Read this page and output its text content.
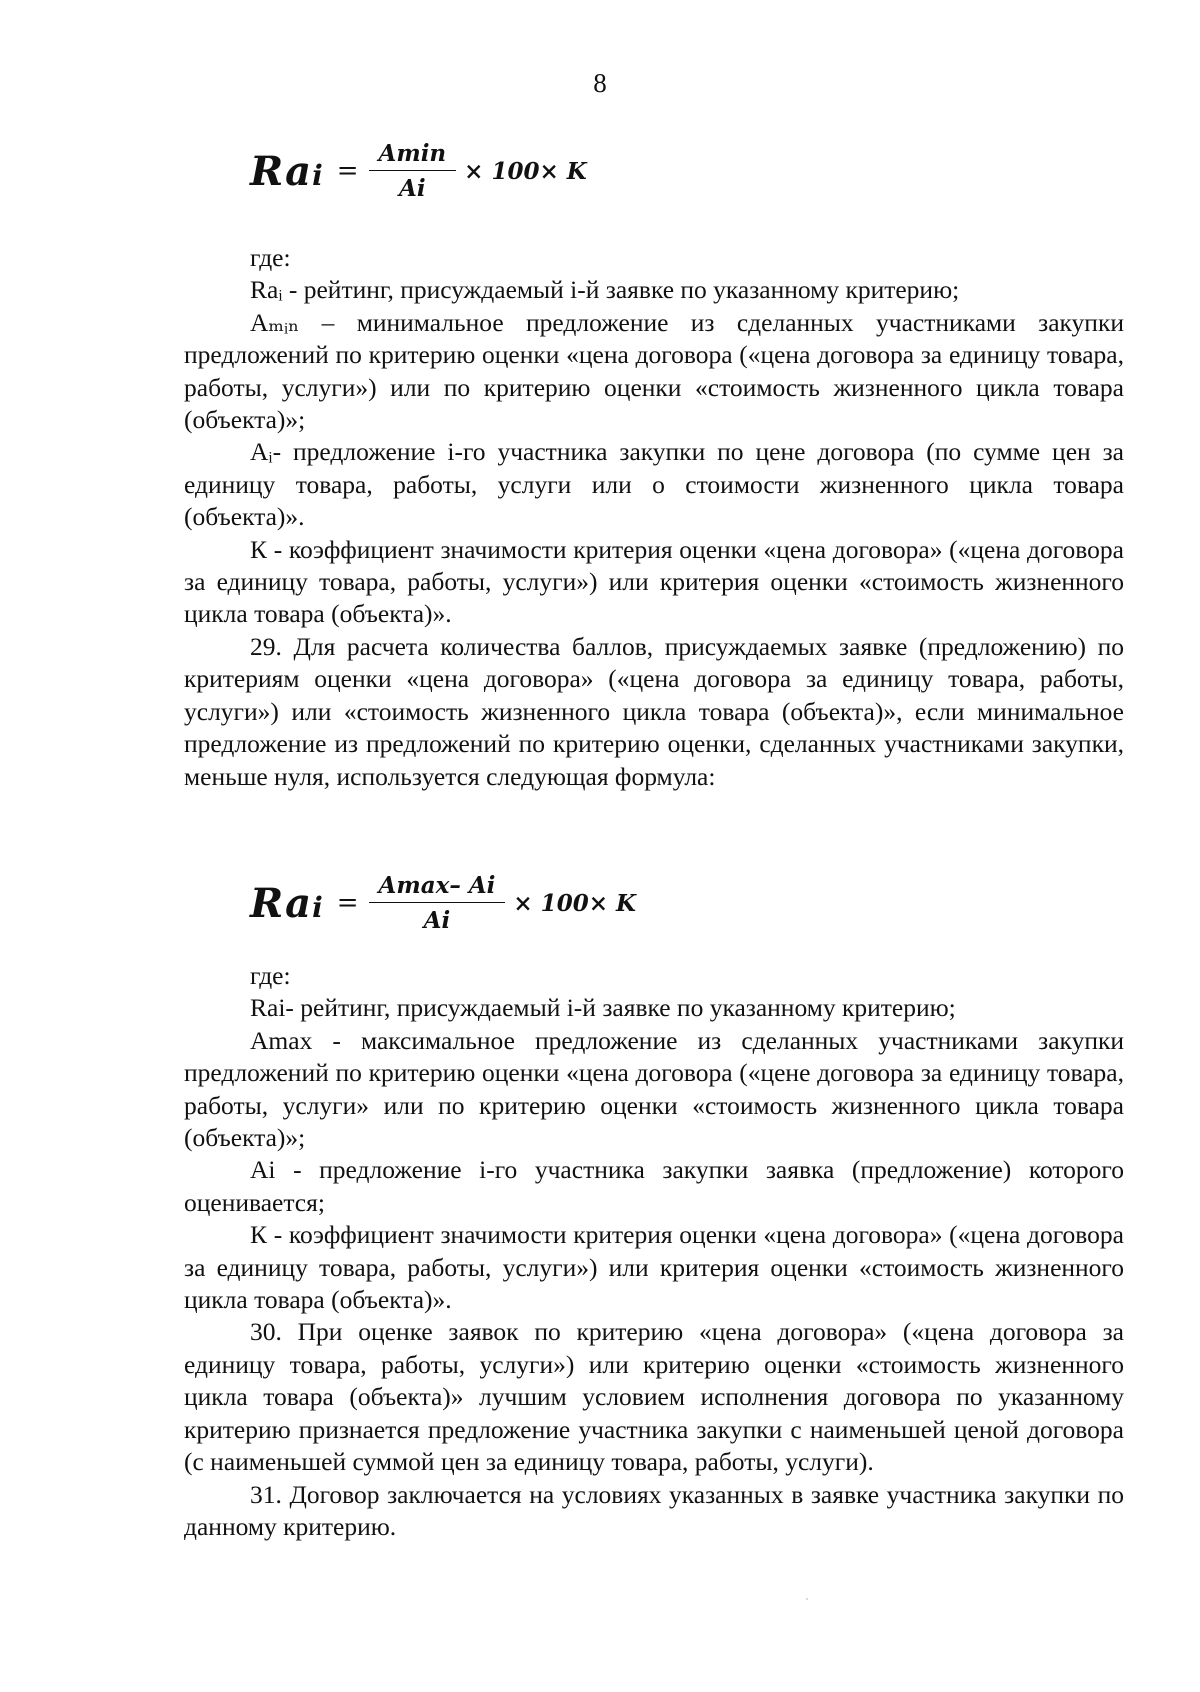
8
Rai = $\frac{Amin}{Ai} \times 100\times K$

где:

Raᵢ - рейтинг, присуждаемый i-й заявке по указанному критерию;

Aₘᵢₙ – минимальное предложение из сделанных участниками закупки предложений по критерию оценки «цена договора («цена договора за единицу товара, работы, услуги») или по критерию оценки «стоимость жизненного цикла товара (объекта)»;

Aᵢ- предложение i-го участника закупки по цене договора (по сумме цен за единицу товара, работы, услуги или о стоимости жизненного цикла товара (объекта)».

К - коэффициент значимости критерия оценки «цена договора» («цена договора за единицу товара, работы, услуги») или критерия оценки «стоимость жизненного цикла товара (объекта)».

29. Для расчета количества баллов, присуждаемых заявке (предложению) по критериям оценки «цена договора» («цена договора за единицу товара, работы, услуги») или «стоимость жизненного цикла товара (объекта)», если минимальное предложение из предложений по критерию оценки, сделанных участниками закупки, меньше нуля, используется следующая формула:

Rai = $\frac{Amax- Ai}{Ai} \times 100\times K$

где:

Rai- рейтинг, присуждаемый i-й заявке по указанному критерию;

Amax - максимальное предложение из сделанных участниками закупки предложений по критерию оценки «цена договора («цене договора за единицу товара, работы, услуги» или по критерию оценки «стоимость жизненного цикла товара (объекта)»;

Ai - предложение i-го участника закупки заявка (предложение) которого оценивается;

К - коэффициент значимости критерия оценки «цена договора» («цена договора за единицу товара, работы, услуги») или критерия оценки «стоимость жизненного цикла товара (объекта)».

30. При оценке заявок по критерию «цена договора» («цена договора за единицу товара, работы, услуги») или критерию оценки «стоимость жизненного цикла товара (объекта)» лучшим условием исполнения договора по указанному критерию признается предложение участника закупки с наименьшей ценой договора (с наименьшей суммой цен за единицу товара, работы, услуги).

31. Договор заключается на условиях указанных в заявке участника закупки по данному критерию.
